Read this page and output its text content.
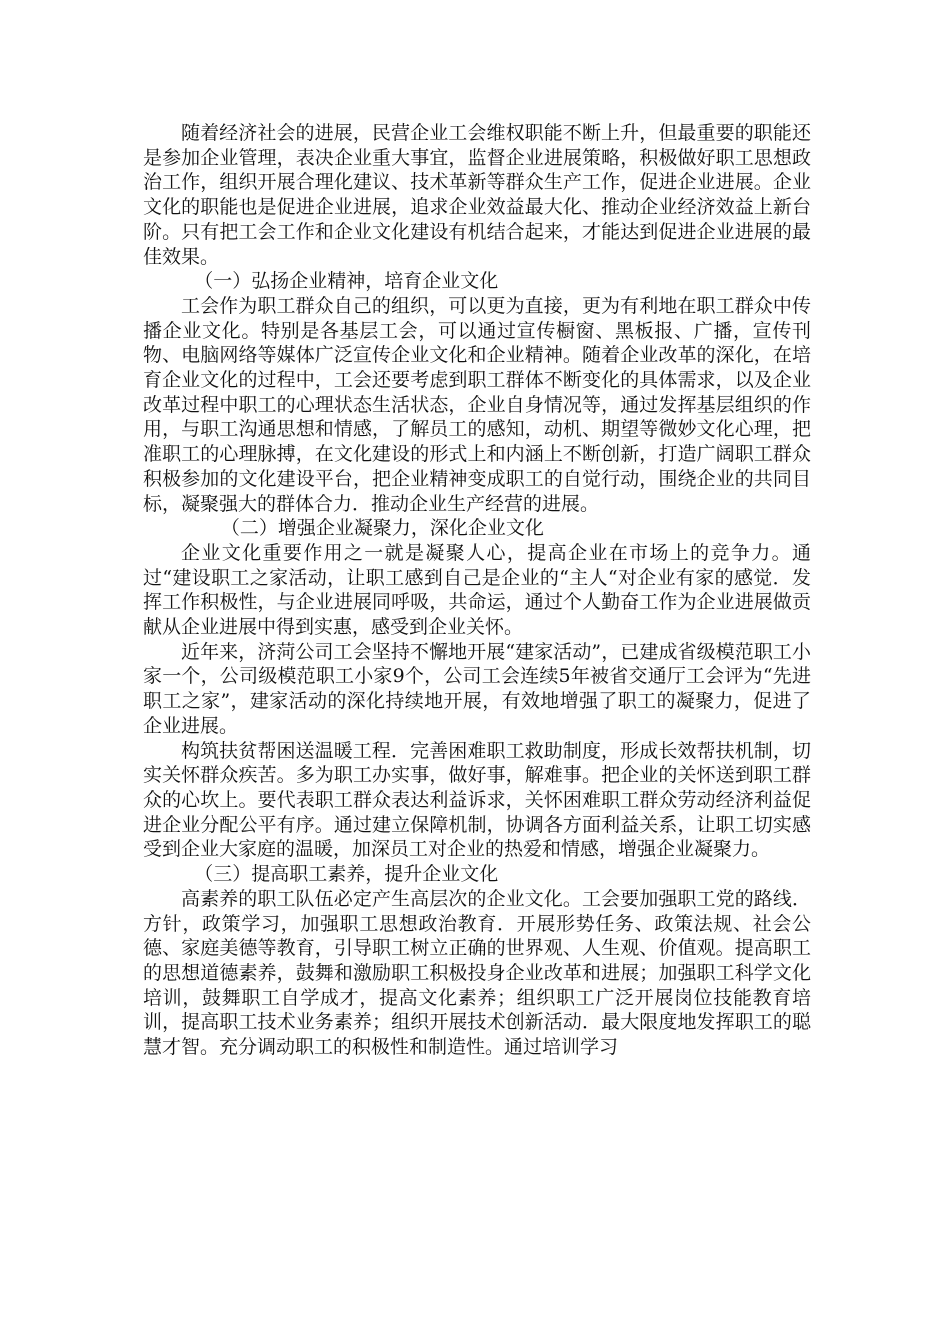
随着经济社会的进展，民营企业工会维权职能不断上升，但最重要的职能还是参加企业管理，表决企业重大事宜，监督企业进展策略，积极做好职工思想政治工作，组织开展合理化建议、技术革新等群众生产工作，促进企业进展。企业文化的职能也是促进企业进展，追求企业效益最大化、推动企业经济效益上新台阶。只有把工会工作和企业文化建设有机结合起来，才能达到促进企业进展的最佳效果。

（一）弘扬企业精神，培育企业文化

工会作为职工群众自己的组织，可以更为直接，更为有利地在职工群众中传播企业文化。特别是各基层工会，可以通过宣传橱窗、黑板报、广播，宣传刊物、电脑网络等媒体广泛宣传企业文化和企业精神。随着企业改革的深化，在培育企业文化的过程中，工会还要考虑到职工群体不断变化的具体需求，以及企业改革过程中职工的心理状态生活状态，企业自身情况等，通过发挥基层组织的作用，与职工沟通思想和情感，了解员工的感知，动机、期望等微妙文化心理，把准职工的心理脉搏，在文化建设的形式上和内涵上不断创新，打造广阔职工群众积极参加的文化建设平台，把企业精神变成职工的自觉行动，围绕企业的共同目标，凝聚强大的群体合力．推动企业生产经营的进展。

（二）增强企业凝聚力，深化企业文化

企业文化重要作用之一就是凝聚人心，提高企业在市场上的竞争力。通过“建设职工之家活动，让职工感到自己是企业的“主人“对企业有家的感觉．发挥工作积极性，与企业进展同呼吸，共命运，通过个人勤奋工作为企业进展做贡献从企业进展中得到实惠，感受到企业关怀。

近年来，济菏公司工会坚持不懈地开展“建家活动”，已建成省级模范职工小家一个，公司级模范职工小家9个，公司工会连续5年被省交通厅工会评为“先进职工之家”，建家活动的深化持续地开展，有效地增强了职工的凝聚力，促进了企业进展。

构筑扶贫帮困送温暖工程．完善困难职工救助制度，形成长效帮扶机制，切实关怀群众疾苦。多为职工办实事，做好事，解难事。把企业的关怀送到职工群众的心坎上。要代表职工群众表达利益诉求，关怀困难职工群众劳动经济利益促进企业分配公平有序。通过建立保障机制，协调各方面利益关系，让职工切实感受到企业大家庭的温暖，加深员工对企业的热爱和情感，增强企业凝聚力。

（三）提高职工素养，提升企业文化

高素养的职工队伍必定产生高层次的企业文化。工会要加强职工党的路线．方针，政策学习，加强职工思想政治教育．开展形势任务、政策法规、社会公德、家庭美德等教育，引导职工树立正确的世界观、人生观、价值观。提高职工的思想道德素养，鼓舞和激励职工积极投身企业改革和进展；加强职工科学文化培训，鼓舞职工自学成才，提高文化素养；组织职工广泛开展岗位技能教育培训，提高职工技术业务素养；组织开展技术创新活动．最大限度地发挥职工的聪慧才智。充分调动职工的积极性和制造性。通过培训学习
